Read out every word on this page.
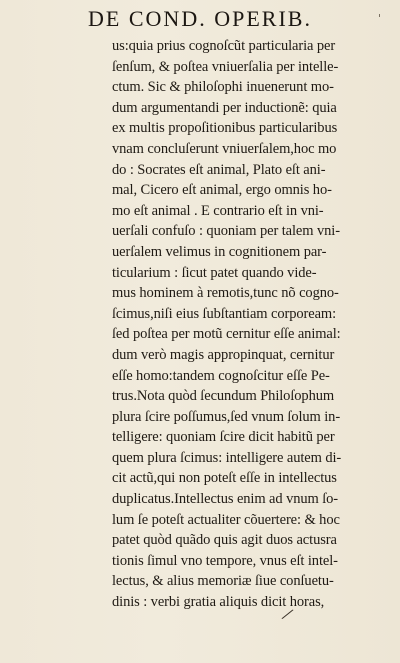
DE COND. OPERIB.	'
us:quia prius cognoſcũt particularia per
ſenſum, & poſtea vniuerſalia per intelle-
ctum. Sic & philoſophi inuenerunt mo-
dum argumentandi per inductionẽ: quia
ex multis propoſitionibus particularibus
vnam concluſerunt vniuerſalem,hoc mo
do : Socrates eſt animal, Plato eſt ani-
mal, Cicero eſt animal, ergo omnis ho-
mo eſt animal . E contrario eſt in vni-
uerſali confuſo : quoniam per talem vni-
uerſalem velimus in cognitionem par-
ticularium : ſicut patet quando vide-
mus hominem à remotis,tunc nõ cogno-
ſcimus,niſi eius ſubſtantiam corpoream:
ſed poſtea per motũ cernitur eſſe animal:
dum verò magis appropinquat, cernitur
eſſe homo:tandem cognoſcitur eſſe Pe-
trus.Nota quòd ſecundum Philoſophum
plura ſcire poſſumus,ſed vnum ſolum in-
telligere: quoniam ſcire dicit habitũ per
quem plura ſcimus: intelligere autem di-
cit actũ,qui non poteſt eſſe in intellectus
duplicatus.Intellectus enim ad vnum ſo-
lum ſe poteſt actualiter cõuertere: & hoc
patet quòd quãdo quis agit duos actusra
tionis ſimul vno tempore, vnus eſt intel-
lectus, & alius memoriæ ſiue conſuetu-
dinis : verbi gratia aliquis dicit horas,
⁄
